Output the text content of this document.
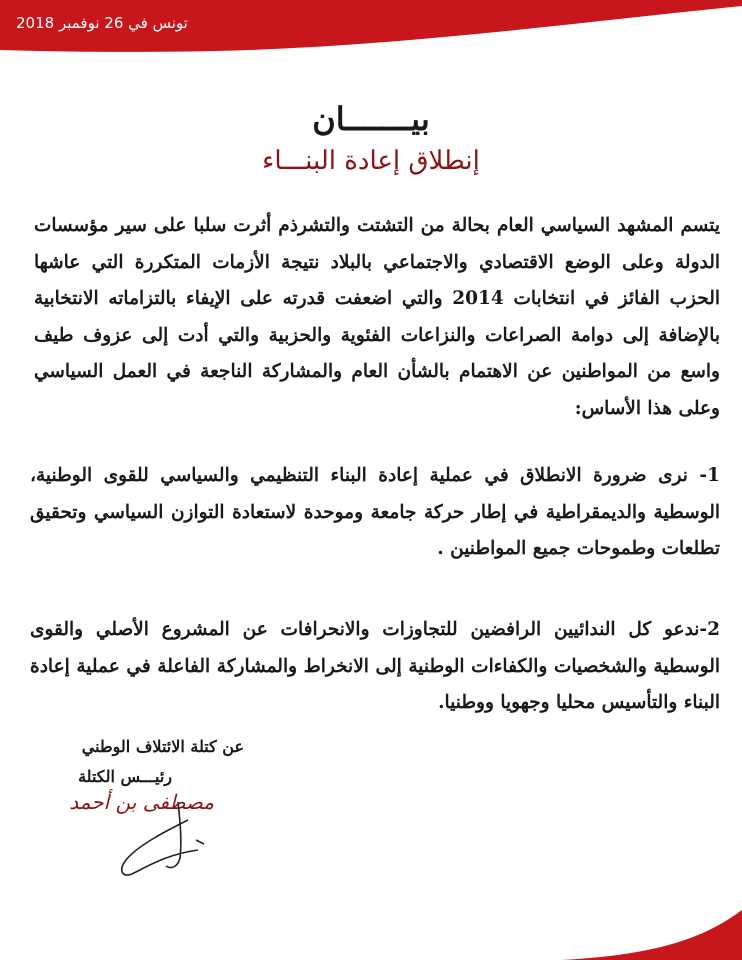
تونس في 26 نوفمبر 2018
بيـــــــان
إنطلاق إعادة البنـــاء
يتسم المشهد السياسي العام بحالة من التشتت والتشرذم أثرت سلبا على سير مؤسسات الدولة وعلى الوضع الاقتصادي والاجتماعي بالبلاد نتيجة الأزمات المتكررة التي عاشها الحزب الفائز في انتخابات 2014 والتي اضعفت قدرته على الإيفاء بالتزاماته الانتخابية بالإضافة إلى دوامة الصراعات والنزاعات الفئوية والحزبية والتي أدت إلى عزوف طيف واسع من المواطنين عن الاهتمام بالشأن العام والمشاركة الناجعة في العمل السياسي وعلى هذا الأساس:
1- نرى ضرورة الانطلاق في عملية إعادة البناء التنظيمي والسياسي للقوى الوطنية، الوسطية والديمقراطية في إطار حركة جامعة وموحدة لاستعادة التوازن السياسي وتحقيق تطلعات وطموحات جميع المواطنين .
2-ندعو كل الندائيين الرافضين للتجاوزات والانحرافات عن المشروع الأصلي والقوى الوسطية والشخصيات والكفاءات الوطنية إلى الانخراط والمشاركة الفاعلة في عملية إعادة البناء والتأسيس محليا وجهويا ووطنيا.
عن كتلة الائتلاف الوطني
رئيـــس الكتلة
مصطفى بن أحمد
